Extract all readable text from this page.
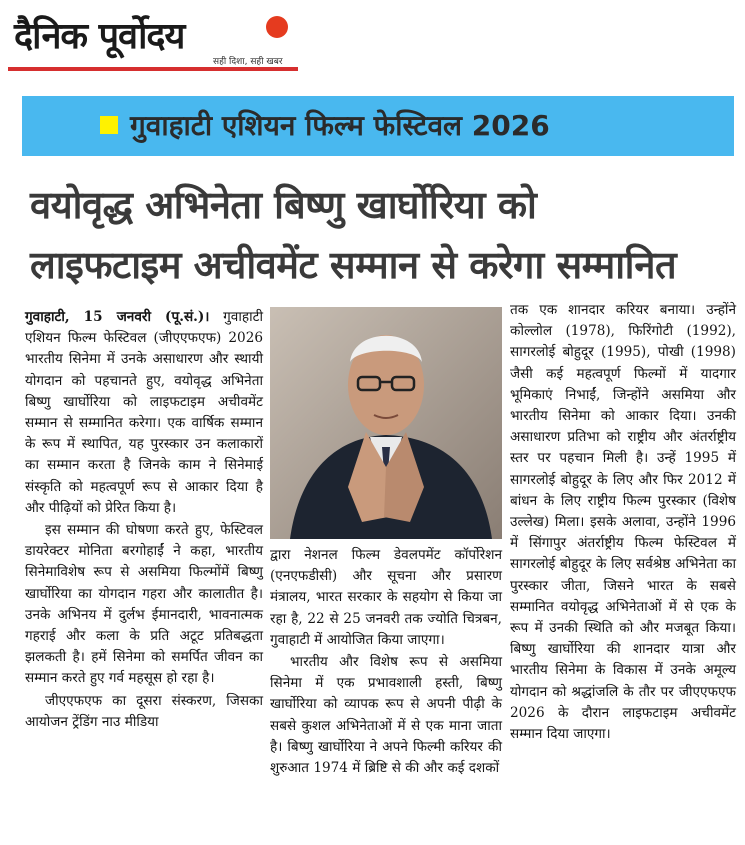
दैनिक पूर्वोदय
सही दिशा, सही खबर
गुवाहाटी एशियन फिल्म फेस्टिवल 2026
वयोवृद्ध अभिनेता बिष्णु खार्घोरिया को
लाइफटाइम अचीवमेंट सम्मान से करेगा सम्मानित

गुवाहाटी, 15 जनवरी (पू.सं.)। गुवाहाटी एशियन फिल्म फेस्टिवल (जीएएफएफ) 2026 भारतीय सिनेमा में उनके असाधारण और स्थायी योगदान को पहचानते हुए, वयोवृद्ध अभिनेता बिष्णु खार्घोरिया को लाइफटाइम अचीवमेंट सम्मान से सम्मानित करेगा। एक वार्षिक सम्मान के रूप में स्थापित, यह पुरस्कार उन कलाकारों का सम्मान करता है जिनके काम ने सिनेमाई संस्कृति को महत्वपूर्ण रूप से आकार दिया है और पीढ़ियों को प्रेरित किया है।

इस सम्मान की घोषणा करते हुए, फेस्टिवल डायरेक्टर मोनिता बरगोहाईं ने कहा, भारतीय सिनेमाविशेष रूप से असमिया फिल्मोंमें बिष्णु खार्घोरिया का योगदान गहरा और कालातीत है। उनके अभिनय में दुर्लभ ईमानदारी, भावनात्मक गहराई और कला के प्रति अटूट प्रतिबद्धता झलकती है। हमें सिनेमा को समर्पित जीवन का सम्मान करते हुए गर्व महसूस हो रहा है।

जीएएफएफ का दूसरा संस्करण, जिसका आयोजन ट्रेंडिंग नाउ मीडिया

द्वारा नेशनल फिल्म डेवलपमेंट कॉर्पोरेशन (एनएफडीसी) और सूचना और प्रसारण मंत्रालय, भारत सरकार के सहयोग से किया जा रहा है, 22 से 25 जनवरी तक ज्योति चित्रबन, गुवाहाटी में आयोजित किया जाएगा।

भारतीय और विशेष रूप से असमिया सिनेमा में एक प्रभावशाली हस्ती, बिष्णु खार्घोरिया को व्यापक रूप से अपनी पीढ़ी के सबसे कुशल अभिनेताओं में से एक माना जाता है। बिष्णु खार्घोरिया ने अपने फिल्मी करियर की शुरुआत 1974 में ब्रिष्टि से की और कई दशकों

तक एक शानदार करियर बनाया। उन्होंने कोल्लोल (1978), फिरिंगोटी (1992), सागरलोई बोहुदूर (1995), पोखी (1998) जैसी कई महत्वपूर्ण फिल्मों में यादगार भूमिकाएं निभाईं, जिन्होंने असमिया और भारतीय सिनेमा को आकार दिया। उनकी असाधारण प्रतिभा को राष्ट्रीय और अंतर्राष्ट्रीय स्तर पर पहचान मिली है। उन्हें 1995 में सागरलोई बोहुदूर के लिए और फिर 2012 में बांधन के लिए राष्ट्रीय फिल्म पुरस्कार (विशेष उल्लेख) मिला। इसके अलावा, उन्होंने 1996 में सिंगापुर अंतर्राष्ट्रीय फिल्म फेस्टिवल में सागरलोई बोहुदूर के लिए सर्वश्रेष्ठ अभिनेता का पुरस्कार जीता, जिसने भारत के सबसे सम्मानित वयोवृद्ध अभिनेताओं में से एक के रूप में उनकी स्थिति को और मजबूत किया। बिष्णु खार्घोरिया की शानदार यात्रा और भारतीय सिनेमा के विकास में उनके अमूल्य योगदान को श्रद्धांजलि के तौर पर जीएएफएफ 2026 के दौरान लाइफटाइम अचीवमेंट सम्मान दिया जाएगा।
